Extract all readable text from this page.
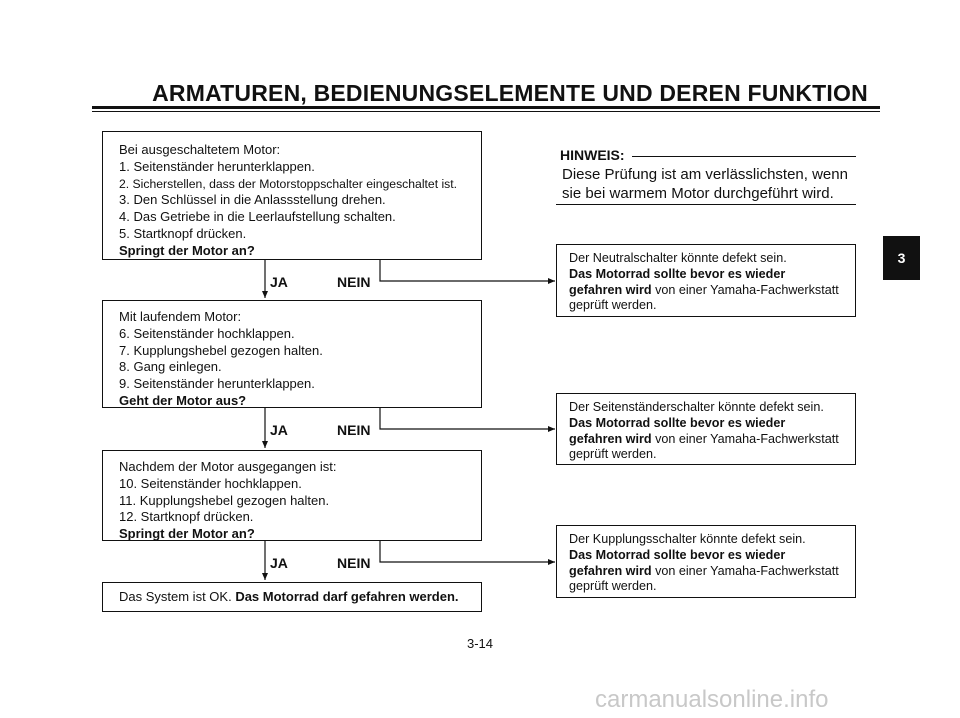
ARMATUREN, BEDIENUNGSELEMENTE UND DEREN FUNKTION
Bei ausgeschaltetem Motor:
1. Seitenständer herunterklappen.
2. Sicherstellen, dass der Motorstoppschalter eingeschaltet ist.
3. Den Schlüssel in die Anlassstellung drehen.
4. Das Getriebe in die Leerlaufstellung schalten.
5. Startknopf drücken.
Springt der Motor an?
JA	NEIN
Der Neutralschalter könnte defekt sein.
Das Motorrad sollte bevor es wieder
gefahren wird von einer Yamaha-Fachwerkstatt
geprüft werden.
Mit laufendem Motor:
6. Seitenständer hochklappen.
7. Kupplungshebel gezogen halten.
8. Gang einlegen.
9. Seitenständer herunterklappen.
Geht der Motor aus?
JA	NEIN
Der Seitenständerschalter könnte defekt sein.
Das Motorrad sollte bevor es wieder
gefahren wird von einer Yamaha-Fachwerkstatt
geprüft werden.
Nachdem der Motor ausgegangen ist:
10. Seitenständer hochklappen.
11. Kupplungshebel gezogen halten.
12. Startknopf drücken.
Springt der Motor an?
JA	NEIN
Der Kupplungsschalter könnte defekt sein.
Das Motorrad sollte bevor es wieder
gefahren wird von einer Yamaha-Fachwerkstatt
geprüft werden.
Das System ist OK. Das Motorrad darf gefahren werden.
HINWEIS:
Diese Prüfung ist am verlässlichsten, wenn
sie bei warmem Motor durchgeführt wird.
3
3-14
carmanualsonline.info
